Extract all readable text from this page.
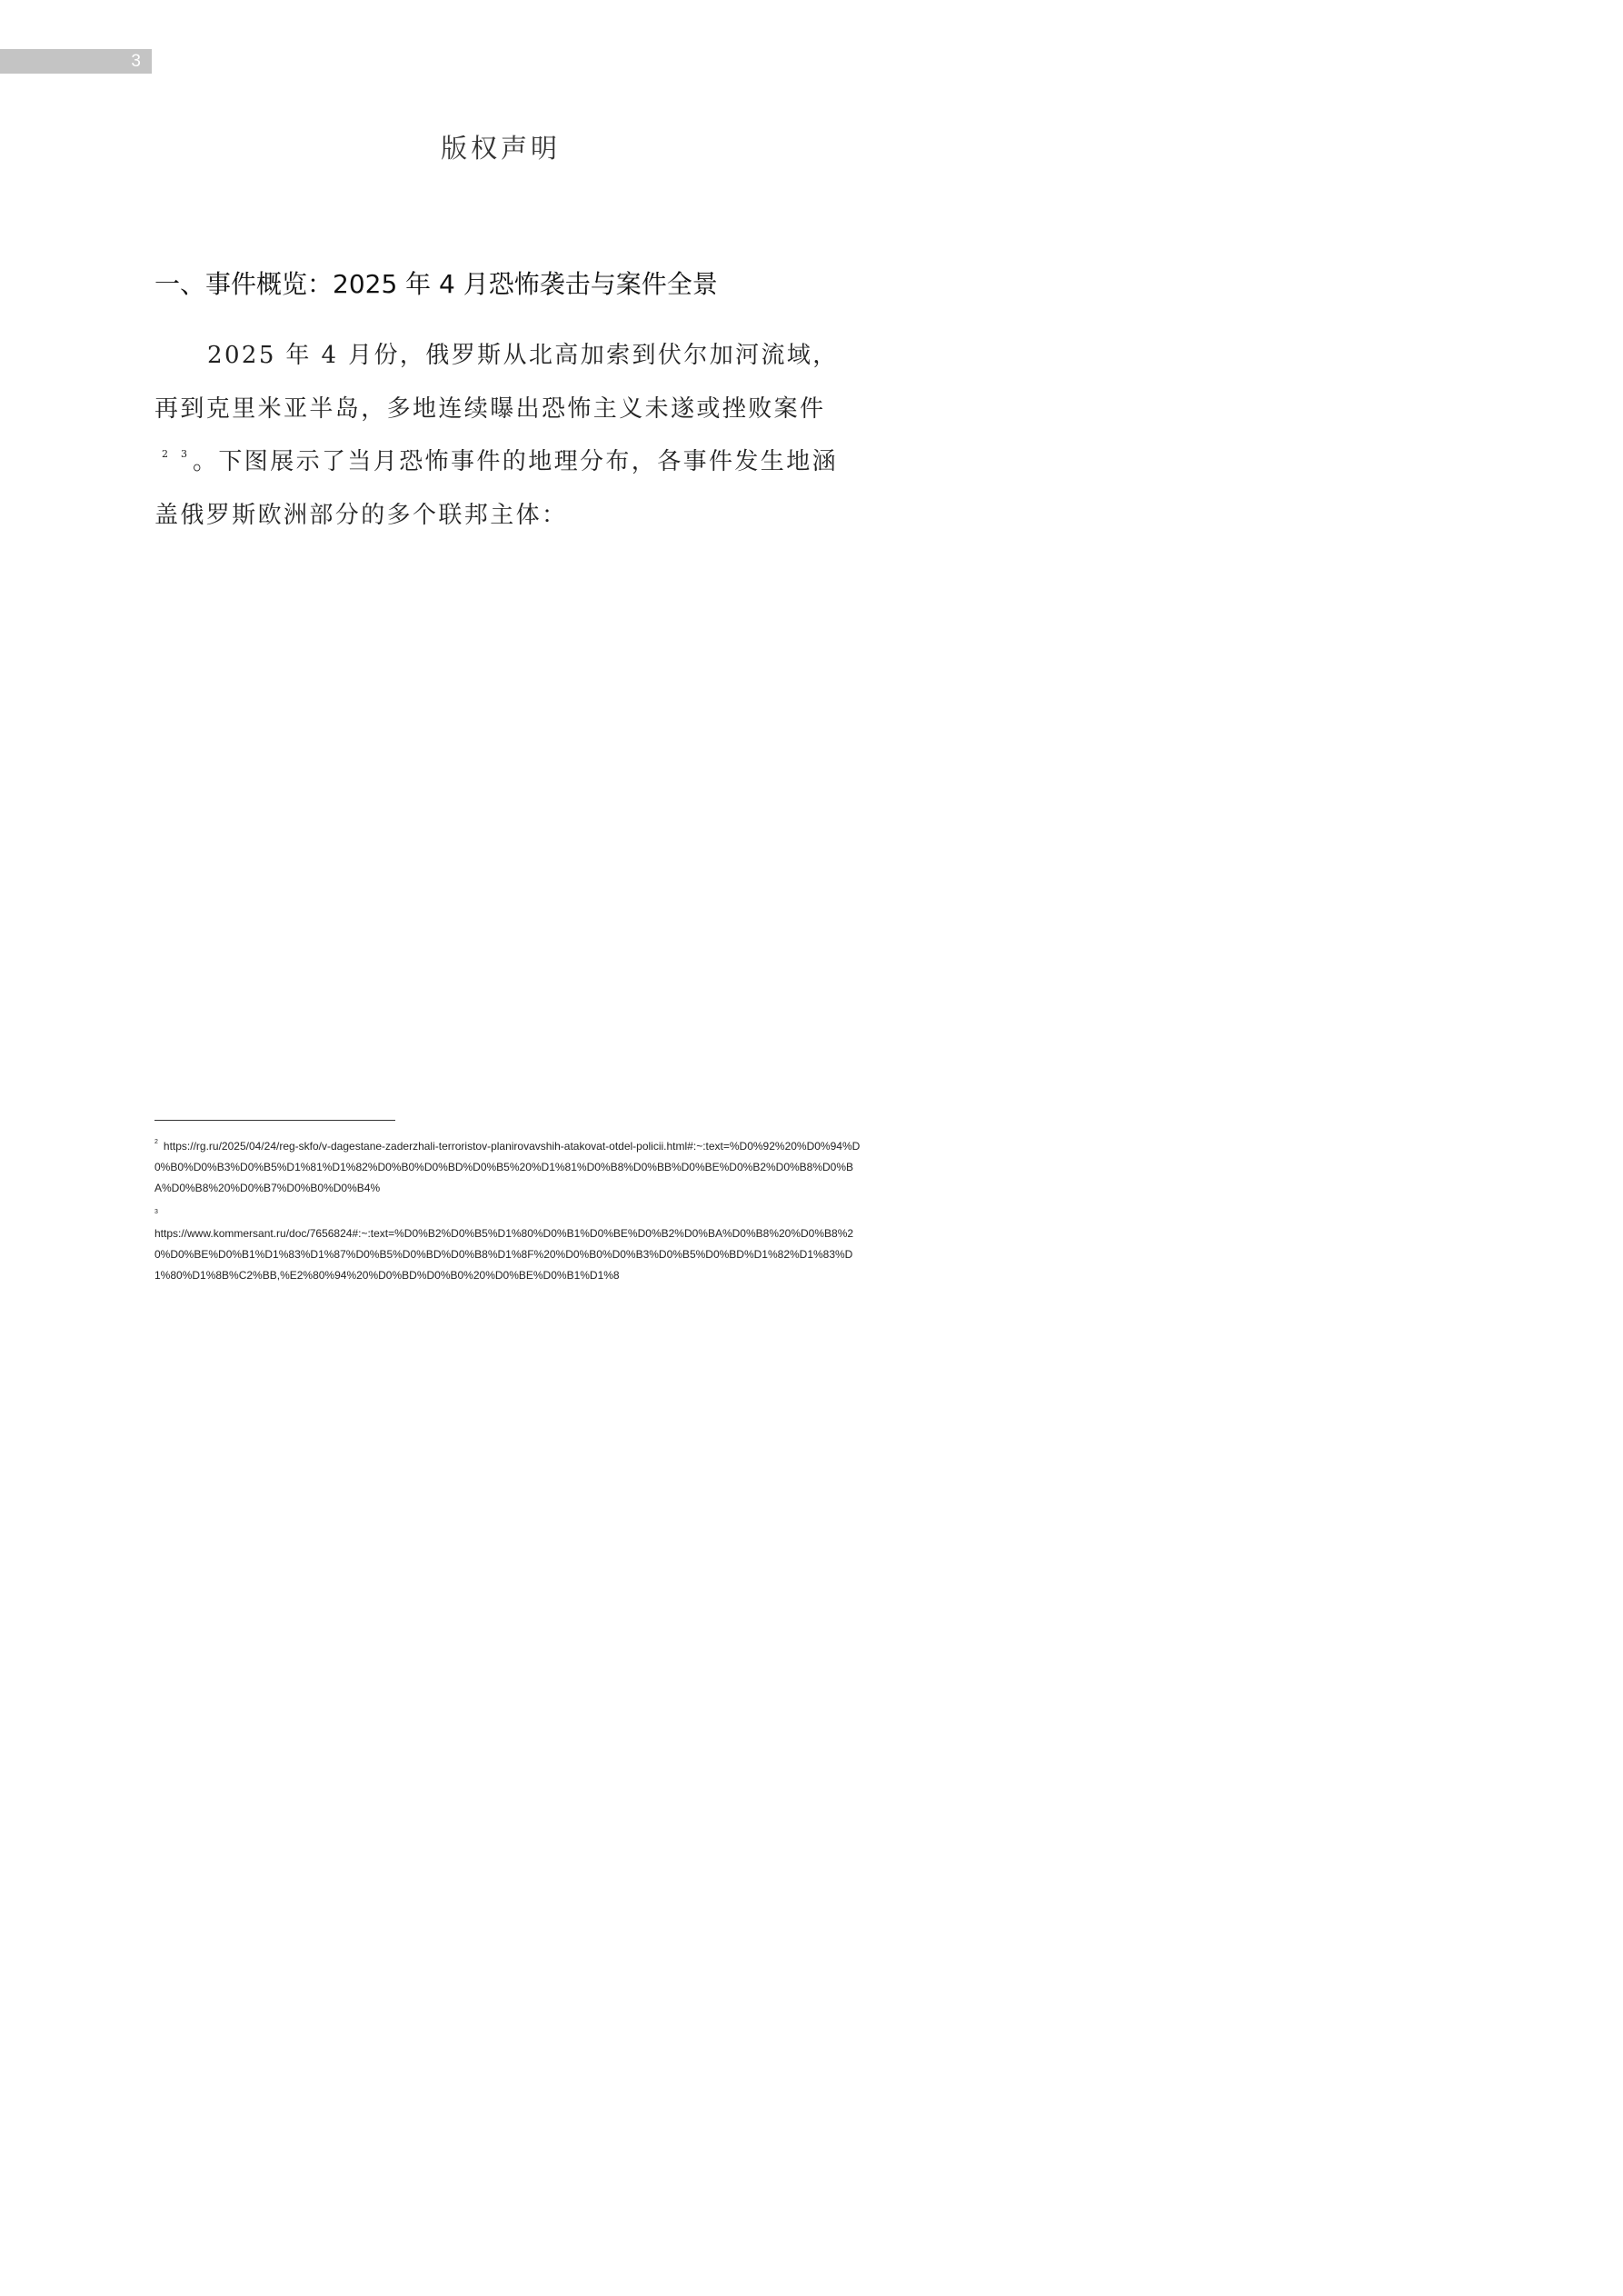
3
版权声明
一、事件概览：2025 年 4 月恐怖袭击与案件全景

2025 年 4 月份，俄罗斯从北高加索到伏尔加河流域，再到克里米亚半岛，多地连续曝出恐怖主义未遂或挫败案件$^2$ $^3$ 。下图展示了当月恐怖事件的地理分布，各事件发生地涵盖俄罗斯欧洲部分的多个联邦主体：

$^2$ https://rg.ru/2025/04/24/reg-skfo/v-dagestane-zaderzhali-terroristov-planirovavshih-atakovat-otdel-policii.html#:~:text=%D0%92%20%D0%94%D0%B0%D0%B3%D0%B5%D1%81%D1%82%D0%B0%D0%BD%D0%B5%20%D1%81%D0%B8%D0%BB%D0%BE%D0%B2%D0%B8%D0%BA%D0%B8%20%D0%B7%D0%B0%D0%B4%

3
https://www.kommersant.ru/doc/7656824#:~:text=%D0%B2%D0%B5%D1%80%D0%B1%D0%BE%D0%B2%D0%BA%D0%B8%20%D0%B8%20%D0%BE%D0%B1%D1%83%D1%87%D0%B5%D0%BD%D0%B8%D1%8F%20%D0%B0%D0%B3%D0%B5%D0%BD%D1%82%D1%83%D1%80%D1%8B%C2%BB,%E2%80%94%20%D0%BD%D0%B0%20%D0%BE%D0%B1%D1%8
